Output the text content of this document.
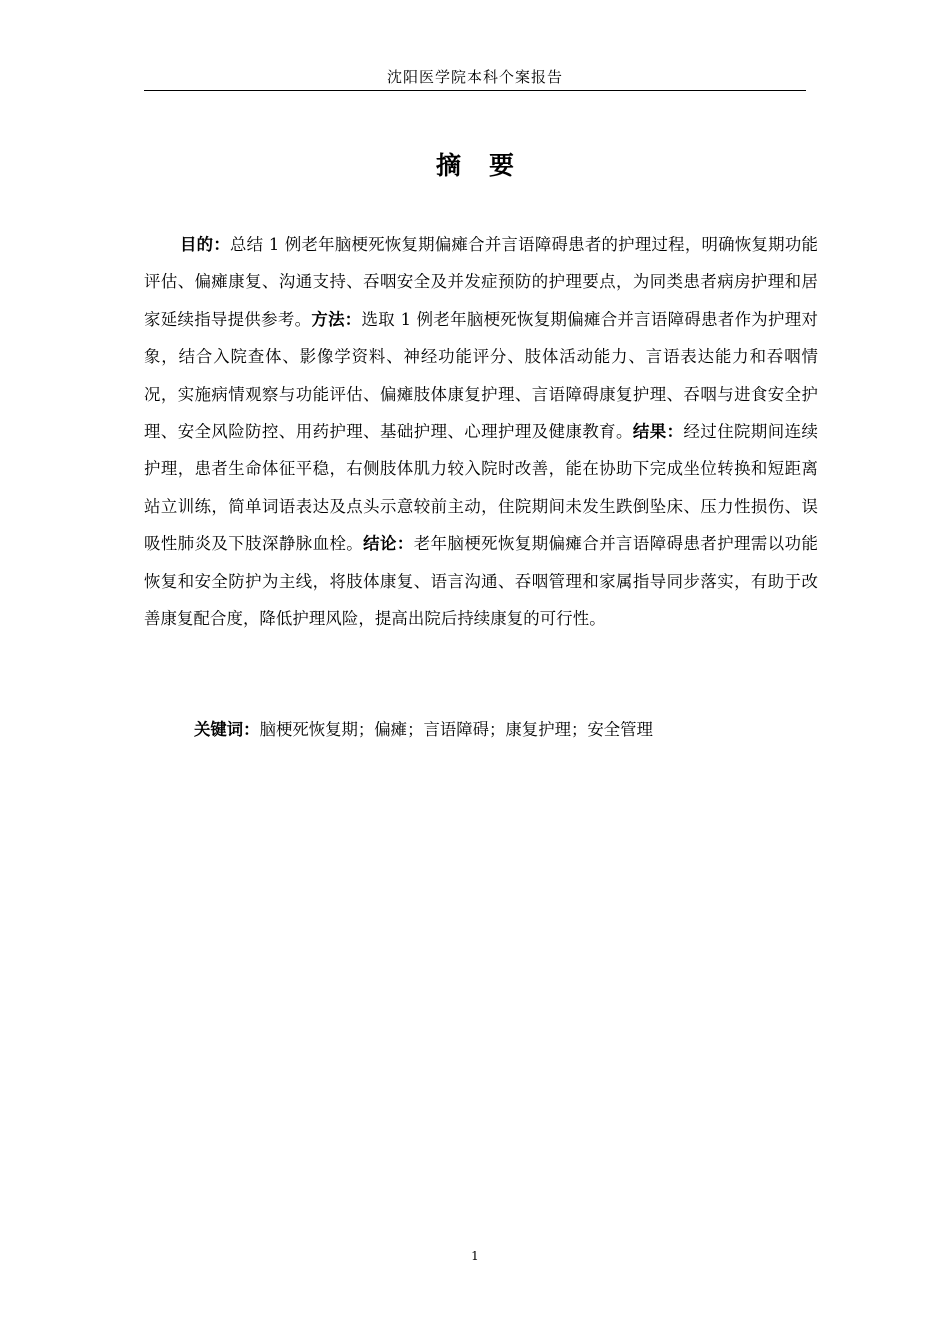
沈阳医学院本科个案报告
摘 要
目的：总结 1 例老年脑梗死恢复期偏瘫合并言语障碍患者的护理过程，明确恢复期功能评估、偏瘫康复、沟通支持、吞咽安全及并发症预防的护理要点，为同类患者病房护理和居家延续指导提供参考。方法：选取 1 例老年脑梗死恢复期偏瘫合并言语障碍患者作为护理对象，结合入院查体、影像学资料、神经功能评分、肢体活动能力、言语表达能力和吞咽情况，实施病情观察与功能评估、偏瘫肢体康复护理、言语障碍康复护理、吞咽与进食安全护理、安全风险防控、用药护理、基础护理、心理护理及健康教育。结果：经过住院期间连续护理，患者生命体征平稳，右侧肢体肌力较入院时改善，能在协助下完成坐位转换和短距离站立训练，简单词语表达及点头示意较前主动，住院期间未发生跌倒坠床、压力性损伤、误吸性肺炎及下肢深静脉血栓。结论：老年脑梗死恢复期偏瘫合并言语障碍患者护理需以功能恢复和安全防护为主线，将肢体康复、语言沟通、吞咽管理和家属指导同步落实，有助于改善康复配合度，降低护理风险，提高出院后持续康复的可行性。
关键词：脑梗死恢复期；偏瘫；言语障碍；康复护理；安全管理
1
